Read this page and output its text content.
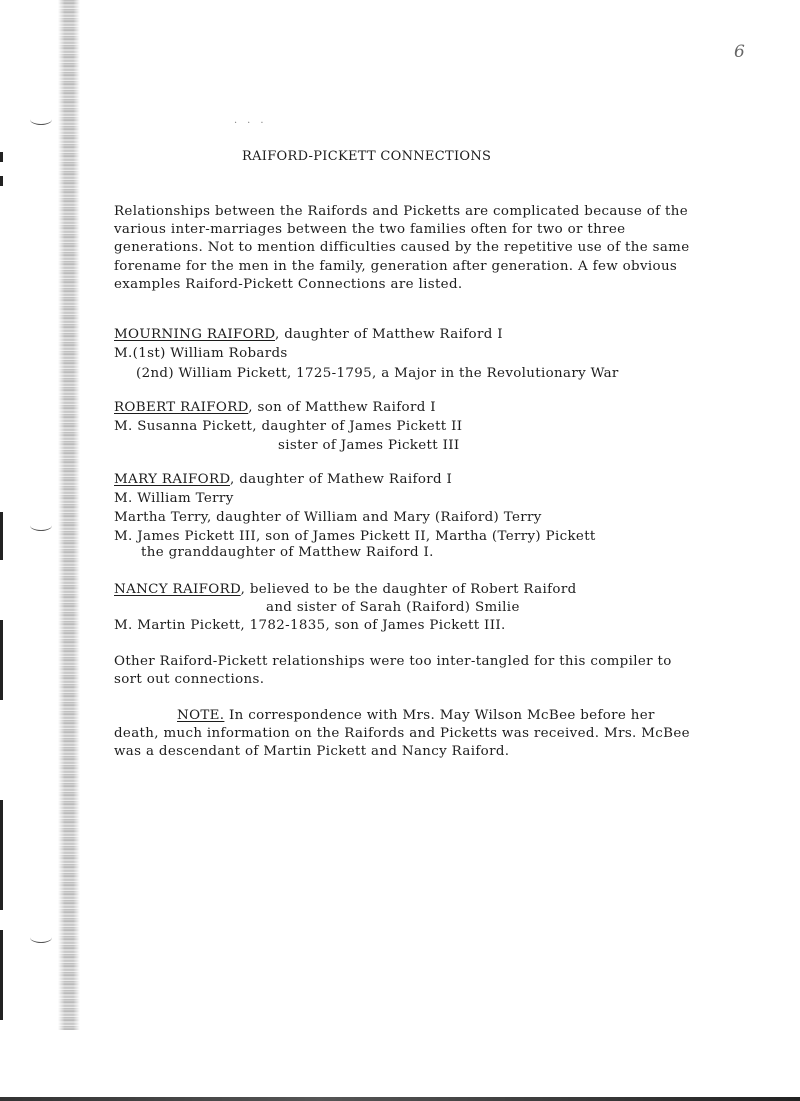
···
6
RAIFORD-PICKETT CONNECTIONS
Relationships between the Raifords and Picketts are complicated because of the various inter-marriages between the two families often for two or three generations. Not to mention difficulties caused by the repetitive use of the same forename for the men in the family, generation after generation. A few obvious examples Raiford-Pickett Connections are listed.
MOURNING RAIFORD, daughter of Matthew Raiford I
M.(1st) William Robards
(2nd) William Pickett, 1725-1795, a Major in the Revolutionary War
ROBERT RAIFORD, son of Matthew Raiford I
M. Susanna Pickett, daughter of James Pickett II
sister of James Pickett III
MARY RAIFORD, daughter of Mathew Raiford I
M. William Terry
Martha Terry, daughter of William and Mary (Raiford) Terry
M. James Pickett III, son of James Pickett II, Martha (Terry) Pickett
the granddaughter of Matthew Raiford I.
NANCY RAIFORD, believed to be the daughter of Robert Raiford
and sister of Sarah (Raiford) Smilie
M. Martin Pickett, 1782-1835, son of James Pickett III.
Other Raiford-Pickett relationships were too inter-tangled for this compiler to sort out connections.
NOTE. In correspondence with Mrs. May Wilson McBee before her death, much information on the Raifords and Picketts was received. Mrs. McBee was a descendant of Martin Pickett and Nancy Raiford.
